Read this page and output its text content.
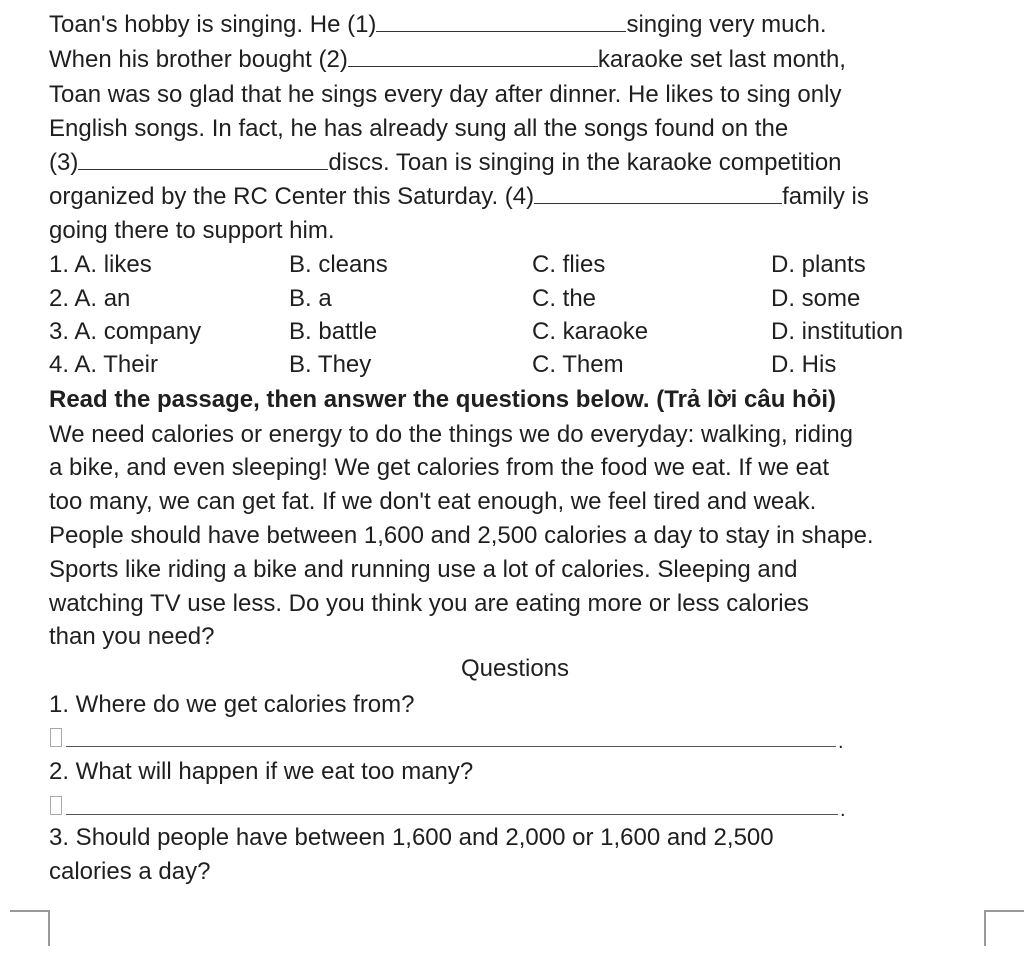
Toan's hobby is singing. He (1)	singing very much.
When his brother bought (2)	karaoke set last month,
Toan was so glad that he sings every day after dinner. He likes to sing only
English songs. In fact, he has already sung all the songs found on the
(3)	discs. Toan is singing in the karaoke competition
organized by the RC Center this Saturday. (4)	family is
going there to support him.
1. A. likes	B. cleans	C. flies	D. plants
2. A. an	B. a	C. the	D. some
3. A. company	B. battle	C. karaoke	D. institution
4. A. Their	B. They	C. Them	D. His
Read the passage, then answer the questions below. (Trả lời câu hỏi)
We need calories or energy to do the things we do everyday: walking, riding
a bike, and even sleeping! We get calories from the food we eat. If we eat
too many, we can get fat. If we don't eat enough, we feel tired and weak.
People should have between 1,600 and 2,500 calories a day to stay in shape.
Sports like riding a bike and running use a lot of calories. Sleeping and
watching TV use less. Do you think you are eating more or less calories
than you need?
Questions
1. Where do we get calories from?
.
2. What will happen if we eat too many?
.
3. Should people have between 1,600 and 2,000 or 1,600 and 2,500
calories a day?
